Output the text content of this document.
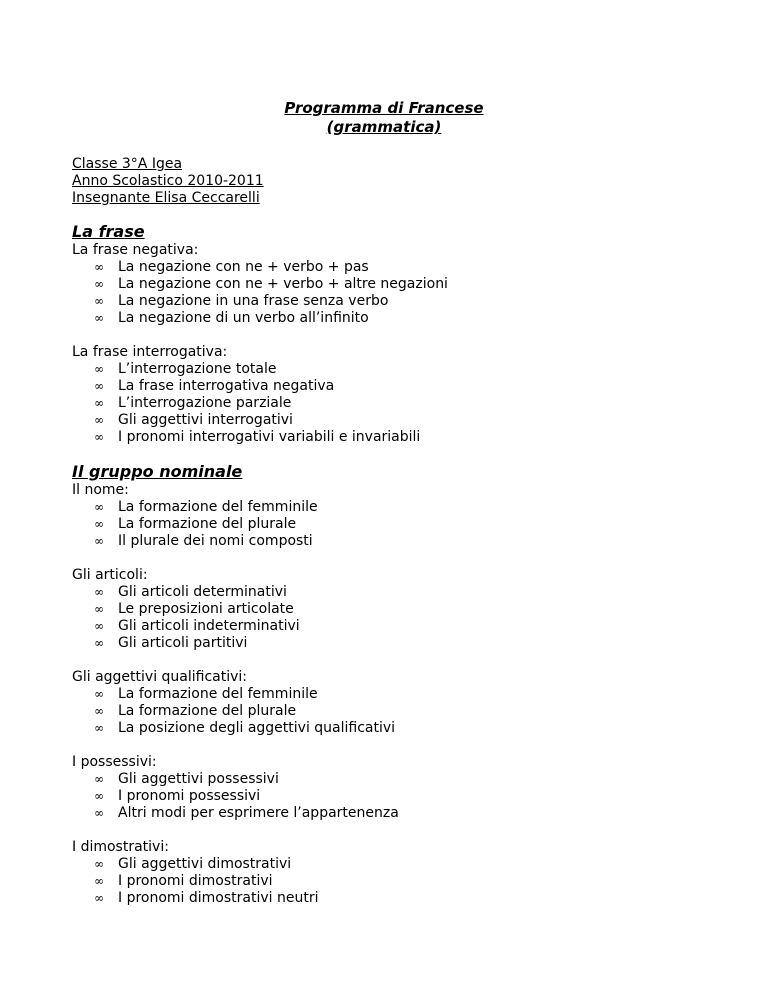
Programma di Francese
(grammatica)
Classe 3°A Igea
Anno Scolastico 2010-2011
Insegnante Elisa Ceccarelli
La frase
La frase negativa:
∞ La negazione con ne + verbo + pas
∞ La negazione con ne + verbo + altre negazioni
∞ La negazione in una frase senza verbo
∞ La negazione di un verbo all’infinito
La frase interrogativa:
∞ L’interrogazione totale
∞ La frase interrogativa negativa
∞ L’interrogazione parziale
∞ Gli aggettivi interrogativi
∞ I pronomi interrogativi variabili e invariabili
Il gruppo nominale
Il nome:
∞ La formazione del femminile
∞ La formazione del plurale
∞ Il plurale dei nomi composti
Gli articoli:
∞ Gli articoli determinativi
∞ Le preposizioni articolate
∞ Gli articoli indeterminativi
∞ Gli articoli partitivi
Gli aggettivi qualificativi:
∞ La formazione del femminile
∞ La formazione del plurale
∞ La posizione degli aggettivi qualificativi
I possessivi:
∞ Gli aggettivi possessivi
∞ I pronomi possessivi
∞ Altri modi per esprimere l’appartenenza
I dimostrativi:
∞ Gli aggettivi dimostrativi
∞ I pronomi dimostrativi
∞ I pronomi dimostrativi neutri
